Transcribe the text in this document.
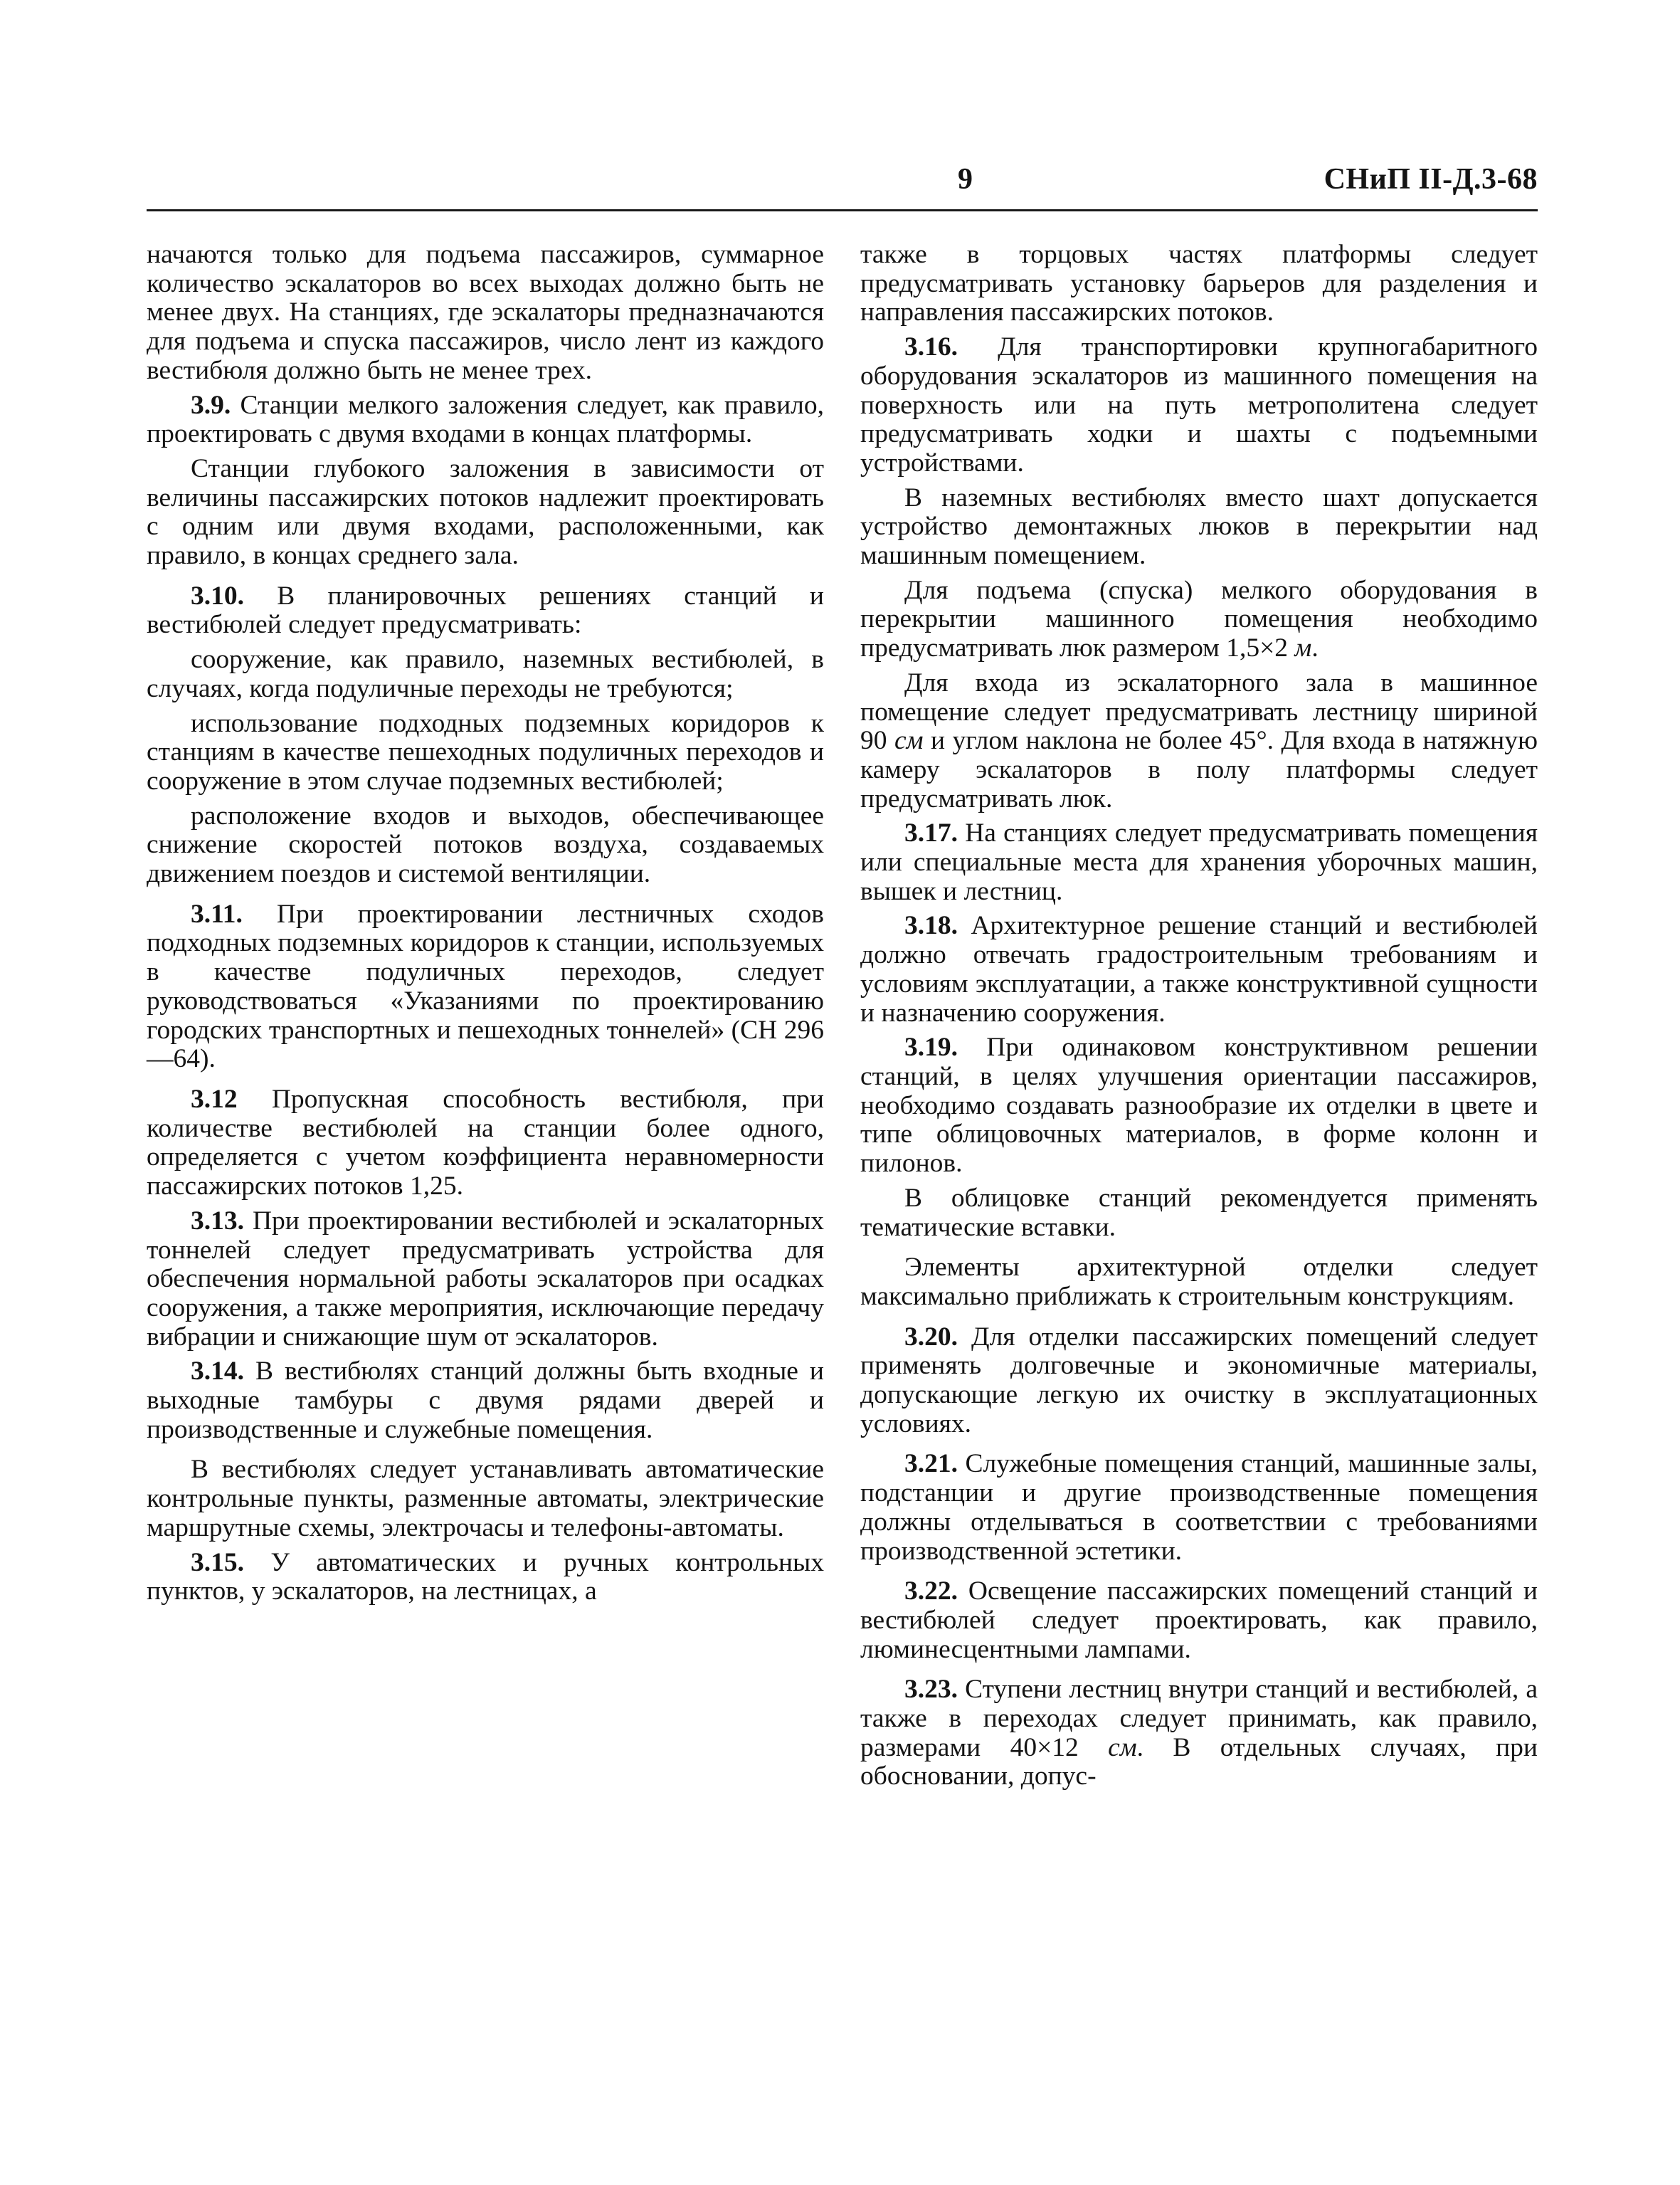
9	СНиП II-Д.3-68

начаются только для подъема пассажиров, суммарное количество эскалаторов во всех выходах должно быть не менее двух. На станциях, где эскалаторы предназначаются для подъема и спуска пассажиров, число лент из каждого вестибюля должно быть не менее трех.

3.9. Станции мелкого заложения следует, как правило, проектировать с двумя входами в концах платформы.

Станции глубокого заложения в зависимости от величины пассажирских потоков надлежит проектировать с одним или двумя входами, расположенными, как правило, в концах среднего зала.

3.10. В планировочных решениях станций и вестибюлей следует предусматривать:

сооружение, как правило, наземных вестибюлей, в случаях, когда подуличные переходы не требуются;

использование подходных подземных коридоров к станциям в качестве пешеходных подуличных переходов и сооружение в этом случае подземных вестибюлей;

расположение входов и выходов, обеспечивающее снижение скоростей потоков воздуха, создаваемых движением поездов и системой вентиляции.

3.11. При проектировании лестничных сходов подходных подземных коридоров к станции, используемых в качестве подуличных переходов, следует руководствоваться «Указаниями по проектированию городских транспортных и пешеходных тоннелей» (СН 296—64).

3.12 Пропускная способность вестибюля, при количестве вестибюлей на станции более одного, определяется с учетом коэффициента неравномерности пассажирских потоков 1,25.

3.13. При проектировании вестибюлей и эскалаторных тоннелей следует предусматривать устройства для обеспечения нормальной работы эскалаторов при осадках сооружения, а также мероприятия, исключающие передачу вибрации и снижающие шум от эскалаторов.

3.14. В вестибюлях станций должны быть входные и выходные тамбуры с двумя рядами дверей и производственные и служебные помещения.

В вестибюлях следует устанавливать автоматические контрольные пункты, разменные автоматы, электрические маршрутные схемы, электрочасы и телефоны-автоматы.

3.15. У автоматических и ручных контрольных пунктов, у эскалаторов, на лестницах, а

также в торцовых частях платформы следует предусматривать установку барьеров для разделения и направления пассажирских потоков.

3.16. Для транспортировки крупногабаритного оборудования эскалаторов из машинного помещения на поверхность или на путь метрополитена следует предусматривать ходки и шахты с подъемными устройствами.

В наземных вестибюлях вместо шахт допускается устройство демонтажных люков в перекрытии над машинным помещением.

Для подъема (спуска) мелкого оборудования в перекрытии машинного помещения необходимо предусматривать люк размером 1,5×2 м.

Для входа из эскалаторного зала в машинное помещение следует предусматривать лестницу шириной 90 см и углом наклона не более 45°. Для входа в натяжную камеру эскалаторов в полу платформы следует предусматривать люк.

3.17. На станциях следует предусматривать помещения или специальные места для хранения уборочных машин, вышек и лестниц.

3.18. Архитектурное решение станций и вестибюлей должно отвечать градостроительным требованиям и условиям эксплуатации, а также конструктивной сущности и назначению сооружения.

3.19. При одинаковом конструктивном решении станций, в целях улучшения ориентации пассажиров, необходимо создавать разнообразие их отделки в цвете и типе облицовочных материалов, в форме колонн и пилонов.

В облицовке станций рекомендуется применять тематические вставки.

Элементы архитектурной отделки следует максимально приближать к строительным конструкциям.

3.20. Для отделки пассажирских помещений следует применять долговечные и экономичные материалы, допускающие легкую их очистку в эксплуатационных условиях.

3.21. Служебные помещения станций, машинные залы, подстанции и другие производственные помещения должны отделываться в соответствии с требованиями производственной эстетики.

3.22. Освещение пассажирских помещений станций и вестибюлей следует проектировать, как правило, люминесцентными лампами.

3.23. Ступени лестниц внутри станций и вестибюлей, а также в переходах следует принимать, как правило, размерами 40×12 см. В отдельных случаях, при обосновании, допус-
